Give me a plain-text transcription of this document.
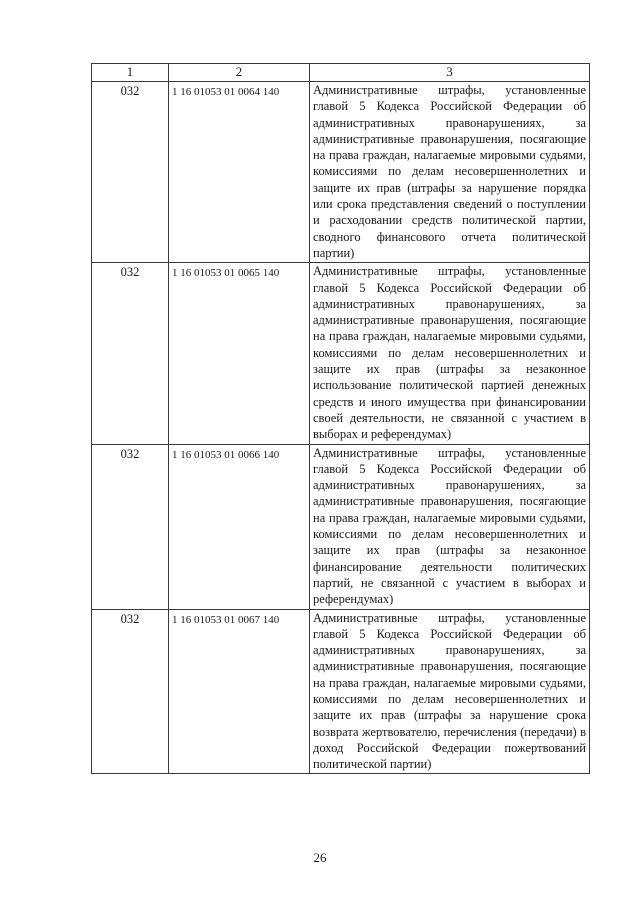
1	2	3
032	1 16 01053 01 0064 140	Административные штрафы, установленные главой 5 Кодекса Российской Федерации об административных правонарушениях, за административные правонарушения, посягающие на права граждан, налагаемые мировыми судьями, комиссиями по делам несовершеннолетних и защите их прав (штрафы за нарушение порядка или срока представления сведений о поступлении и расходовании средств политической партии, сводного финансового отчета политической партии)
032	1 16 01053 01 0065 140	Административные штрафы, установленные главой 5 Кодекса Российской Федерации об административных правонарушениях, за административные правонарушения, посягающие на права граждан, налагаемые мировыми судьями, комиссиями по делам несовершеннолетних и защите их прав (штрафы за незаконное использование политической партией денежных средств и иного имущества при финансировании своей деятельности, не связанной с участием в выборах и референдумах)
032	1 16 01053 01 0066 140	Административные штрафы, установленные главой 5 Кодекса Российской Федерации об административных правонарушениях, за административные правонарушения, посягающие на права граждан, налагаемые мировыми судьями, комиссиями по делам несовершеннолетних и защите их прав (штрафы за незаконное финансирование деятельности политических партий, не связанной с участием в выборах и референдумах)
032	1 16 01053 01 0067 140	Административные штрафы, установленные главой 5 Кодекса Российской Федерации об административных правонарушениях, за административные правонарушения, посягающие на права граждан, налагаемые мировыми судьями, комиссиями по делам несовершеннолетних и защите их прав (штрафы за нарушение срока возврата жертвователю, перечисления (передачи) в доход Российской Федерации пожертвований политической партии)
26
